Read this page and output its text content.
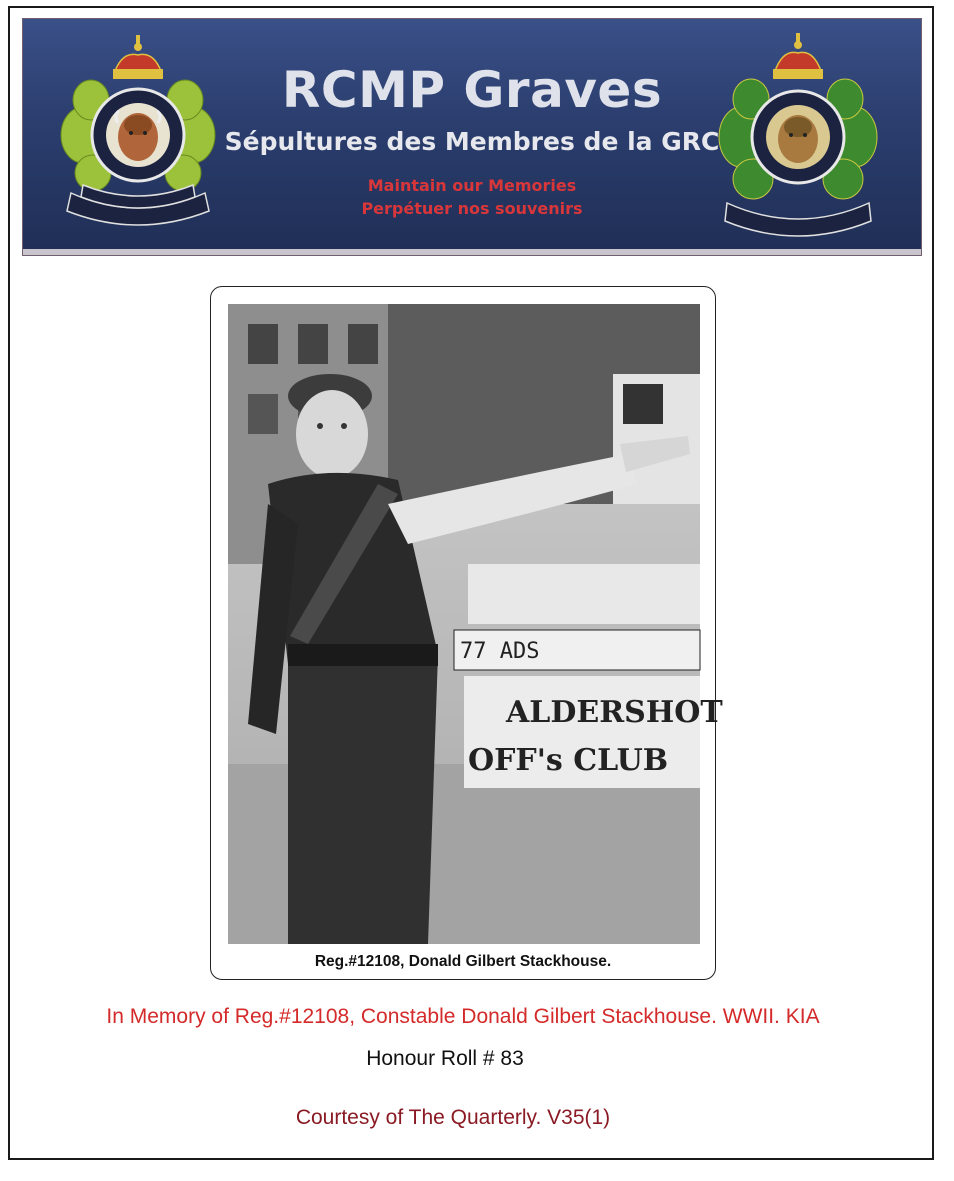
RCMP Graves
Sépultures des Membres de la GRC
Maintain our Memories
Perpétuer nos souvenirs
77 ADS
ALDERSHOT
OFF's CLUB
Reg.#12108, Donald Gilbert Stackhouse.
In Memory of Reg.#12108, Constable Donald Gilbert Stackhouse. WWII. KIA
Honour Roll # 83
Courtesy of The Quarterly. V35(1)
